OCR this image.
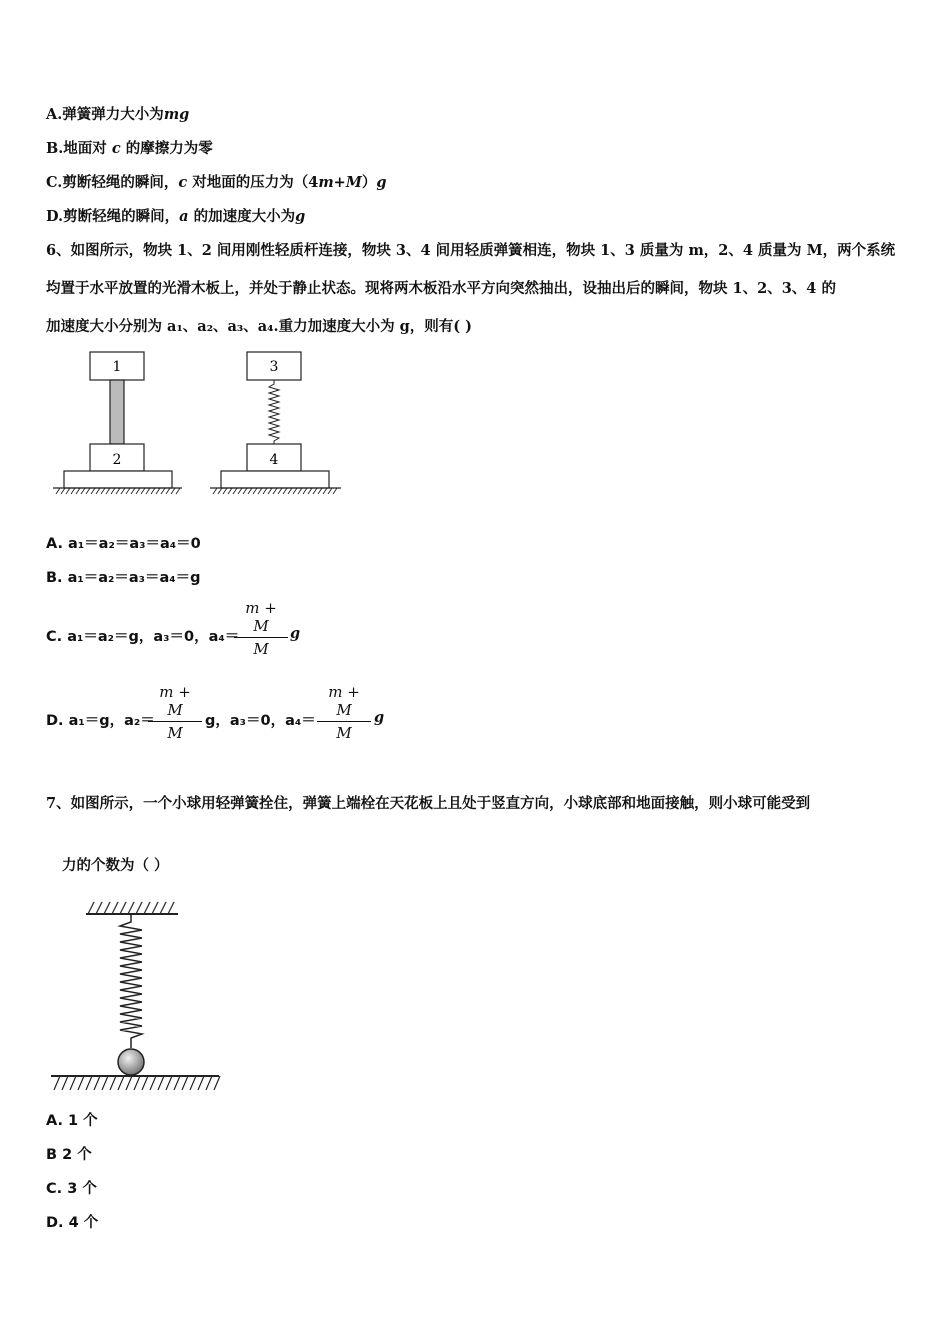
A.弹簧弹力大小为mg
B.地面对 c 的摩擦力为零
C.剪断轻绳的瞬间，c 对地面的压力为（4m+M）g
D.剪断轻绳的瞬间，a 的加速度大小为g
6、如图所示，物块 1、2 间用刚性轻质杆连接，物块 3、4 间用轻质弹簧相连，物块 1、3 质量为 m，2、4 质量为 M，两个系统
均置于水平放置的光滑木板上，并处于静止状态。现将两木板沿水平方向突然抽出，设抽出后的瞬间，物块 1、2、3、4 的
加速度大小分别为 a₁、a₂、a₃、a₄.重力加速度大小为 g，则有( )
1
2
3
4
A. a₁＝a₂＝a₃＝a₄＝0
B. a₁＝a₂＝a₃＝a₄＝g
C. a₁＝a₂＝g，a₃＝0，a₄＝
$\frac{m + M}{M}$ g
D. a₁＝g，a₂＝
$\frac{m + M}{M}$ g，a₃＝0，$a_4= \frac{m + M}{M}$ g
7、如图所示，一个小球用轻弹簧拴住，弹簧上端栓在天花板上且处于竖直方向，小球底部和地面接触，则小球可能受到
力的个数为（ ）
A. 1 个
B 2 个
C. 3 个
D. 4 个
